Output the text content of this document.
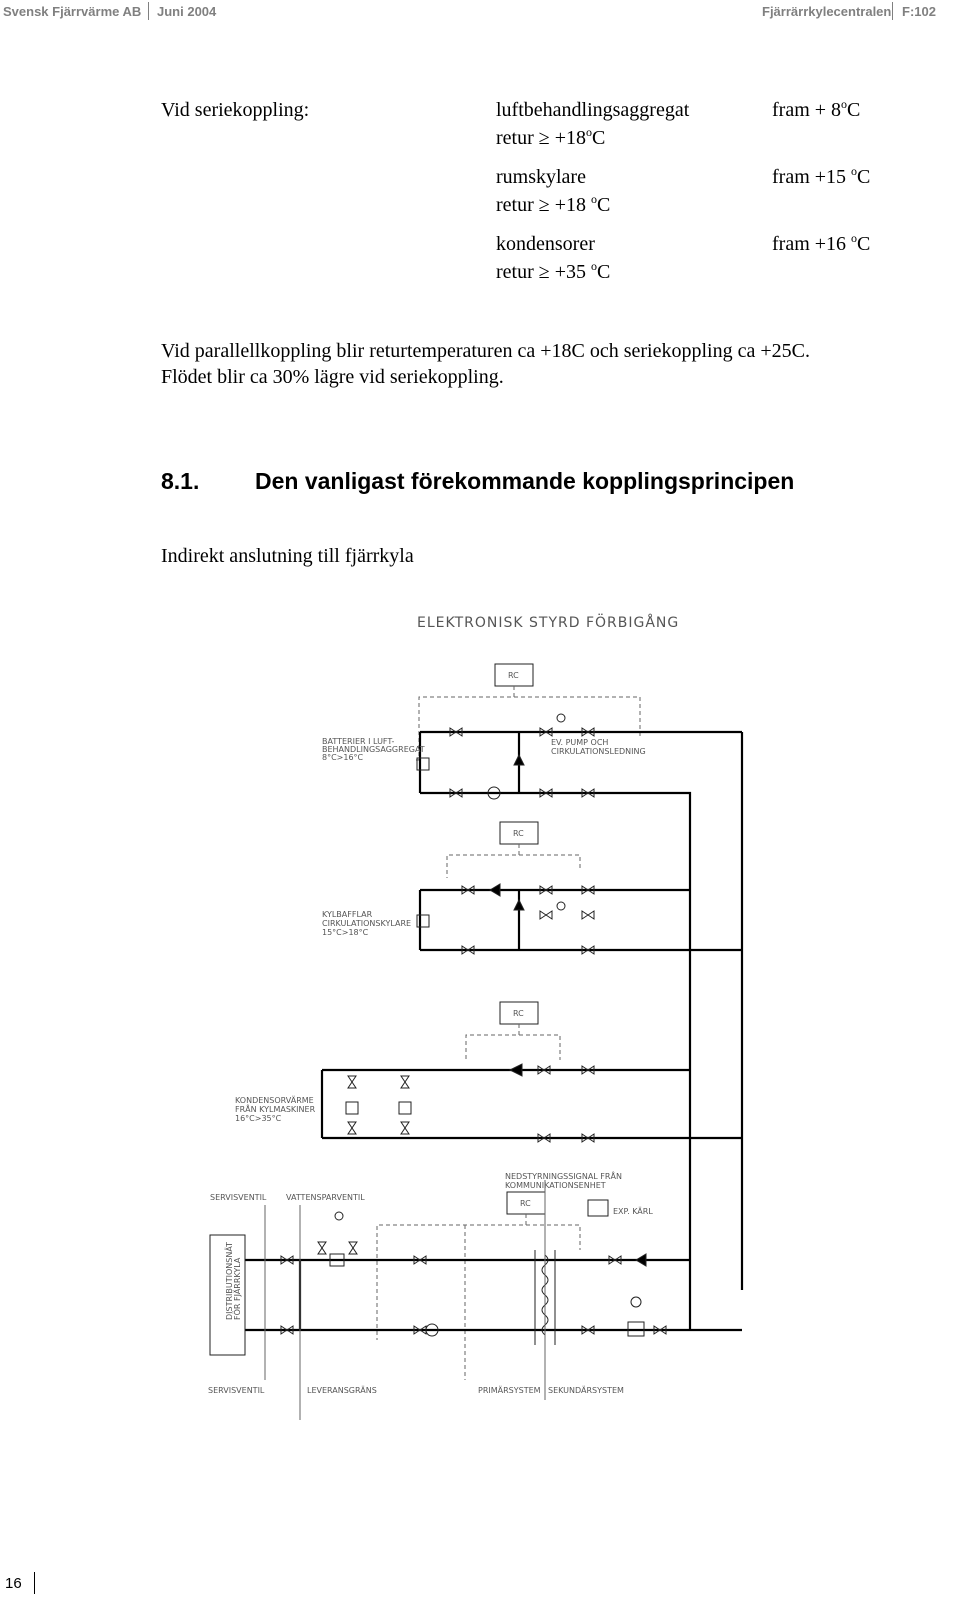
Svensk Fjärrvärme AB Juni 2004	Fjärrärrkylecentralen F:102
Vid seriekoppling:	luftbehandlingsaggregat	fram + $8^oC$
retur ≥ $+18^oC$
rumskylare	fram +15 $^o$C
retur ≥ +18 $^o$C
kondensorer	fram +16 $^o$C
retur ≥ +35 $^o$C
Vid parallellkoppling blir returtemperaturen ca +18C och seriekoppling ca +25C.
Flödet blir ca 30% lägre vid seriekoppling.
8.1. Den vanligast förekommande kopplingsprincipen
Indirekt anslutning till fjärrkyla
ELEKTRONISK STYRD FÖRBIGÅNG
RC
BATTERIER I LUFT-
BEHANDLINGSAGGREGAT
8°C>16°C
EV. PUMP OCH
CIRKULATIONSLEDNING
RC
KYLBAFFLAR
CIRKULATIONSKYLARE
15°C>18°C
RC
KONDENSORVÄRME
FRÅN KYLMASKINER
16°C>35°C
NEDSTYRNINGSSIGNAL FRÅN
KOMMUNIKATIONSENHET
RC
EXP. KÄRL
DISTRIBUTIONSNÄT FÖR FJÄRRKYLA
SERVISVENTIL VATTENSPARVENTIL
SERVISVENTIL	LEVERANSGRÄNS	PRIMÄRSYSTEM SEKUNDÄRSYSTEM
16
